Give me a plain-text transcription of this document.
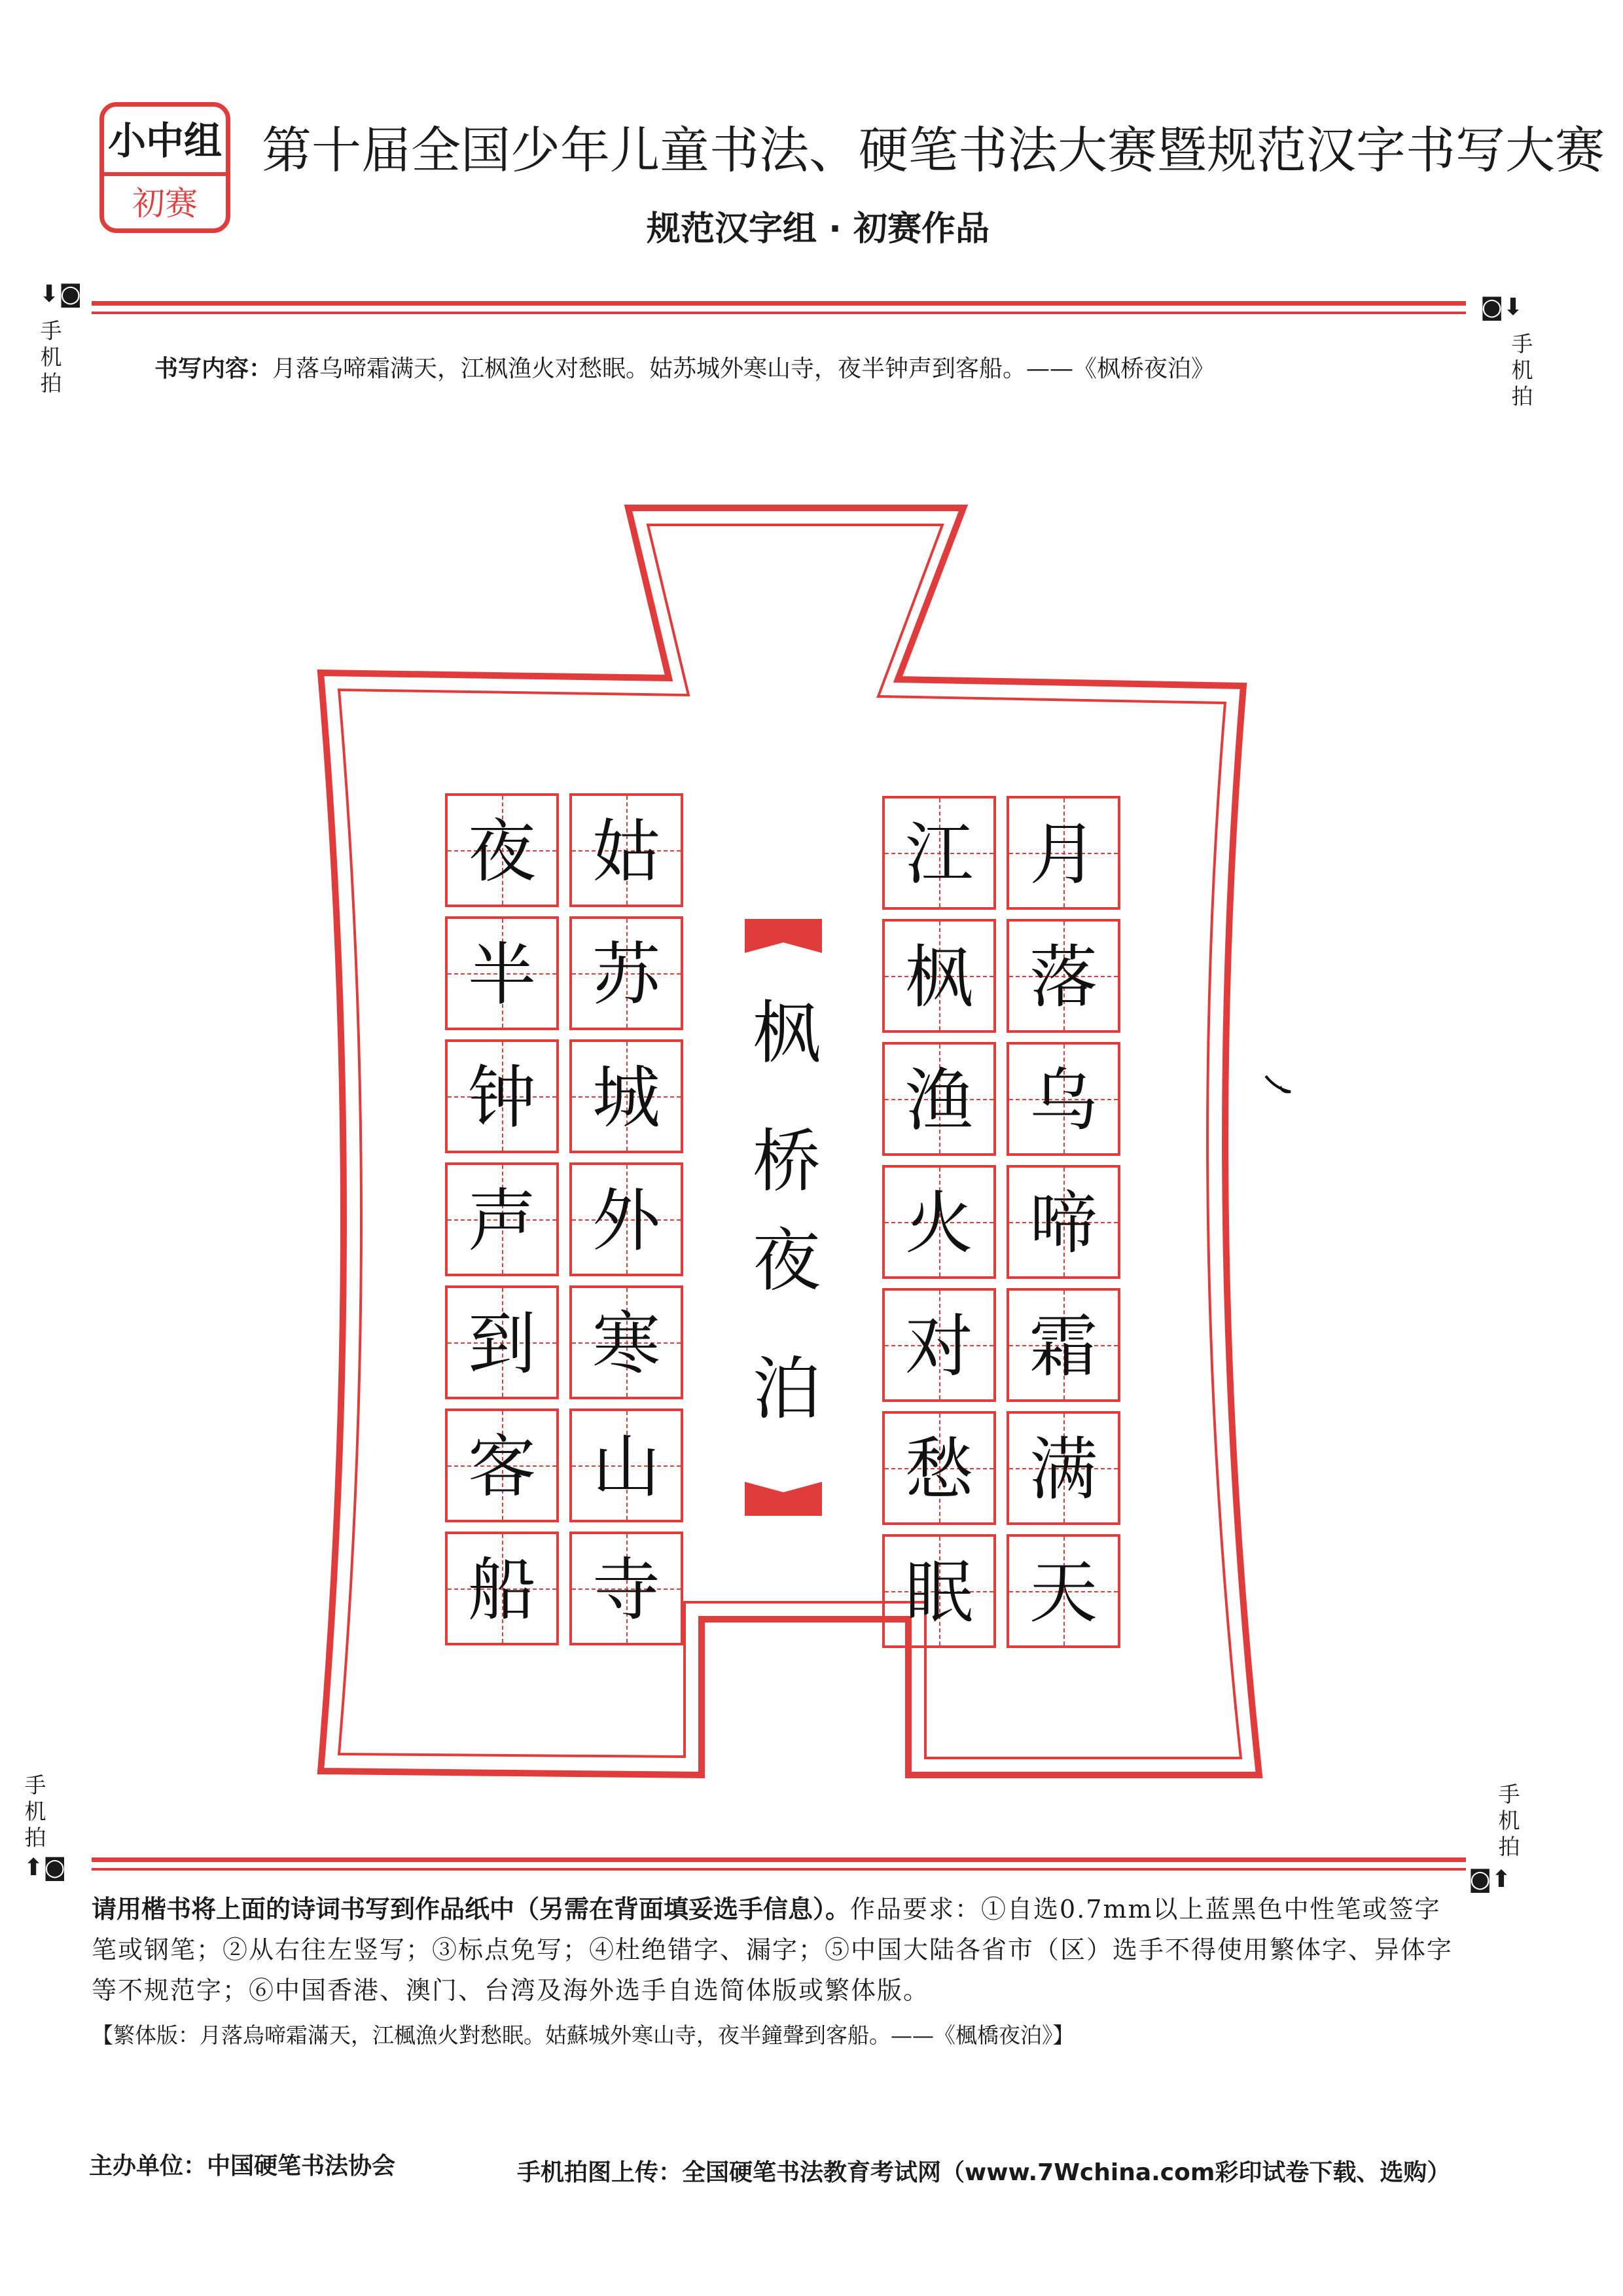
小中组
初赛
第十届全国少年儿童书法、硬笔书法大赛暨规范汉字书写大赛
规范汉字组 · 初赛作品
⬇◙
手
机
拍
◙⬇
手
机
拍
手
机
拍
⬆◙
手
机
拍
◙⬆
书写内容：月落乌啼霜满天，江枫渔火对愁眠。姑苏城外寒山寺，夜半钟声到客船。——《枫桥夜泊》
月
落
乌
啼
霜
满
天
江
枫
渔
火
对
愁
眠
姑
苏
城
外
寒
山
寺
夜
半
钟
声
到
客
船
枫
桥
夜
泊
请用楷书将上面的诗词书写到作品纸中（另需在背面填妥选手信息）。作品要求：①自选0.7mm以上蓝黑色中性笔或签字笔或钢笔；②从右往左竖写；③标点免写；④杜绝错字、漏字；⑤中国大陆各省市（区）选手不得使用繁体字、异体字等不规范字；⑥中国香港、澳门、台湾及海外选手自选简体版或繁体版。
【繁体版：月落烏啼霜滿天，江楓漁火對愁眠。姑蘇城外寒山寺，夜半鐘聲到客船。——《楓橋夜泊》】
主办单位：中国硬笔书法协会	手机拍图上传：全国硬笔书法教育考试网（www.7Wchina.com彩印试卷下载、选购）
